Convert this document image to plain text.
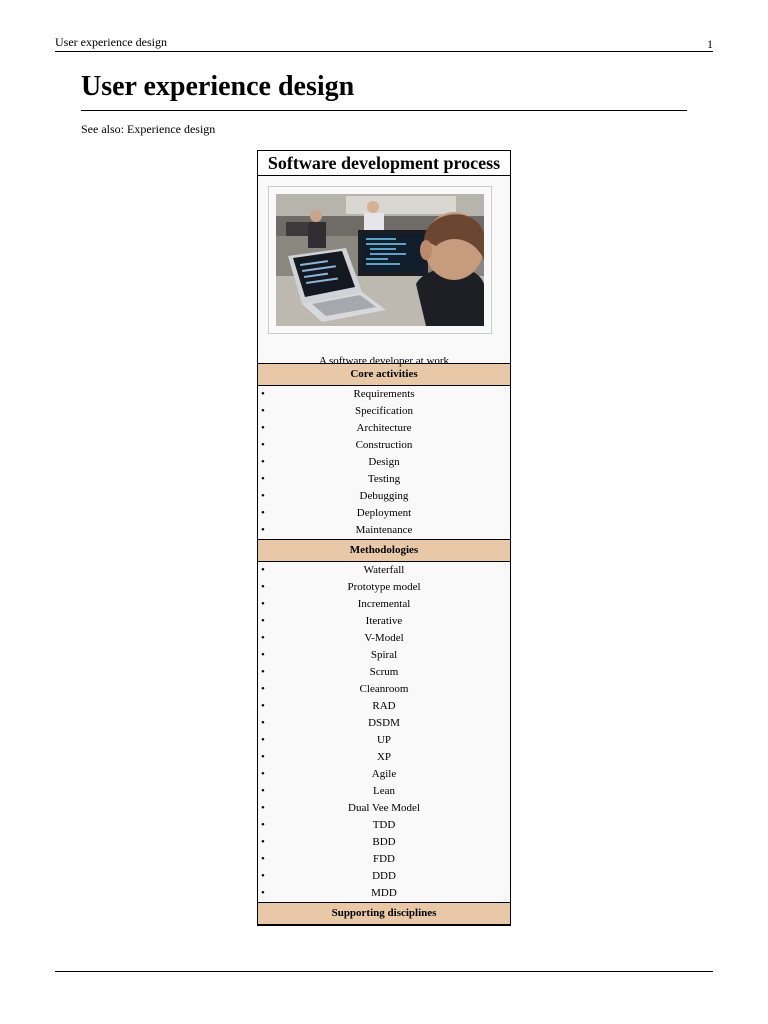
User experience design	1
User experience design
See also: Experience design
Software development process
A software developer at work
Core activities
•	Requirements
•	Specification
•	Architecture
•	Construction
•	Design
•	Testing
•	Debugging
•	Deployment
•	Maintenance
Methodologies
•	Waterfall
•	Prototype model
•	Incremental
•	Iterative
•	V-Model
•	Spiral
•	Scrum
•	Cleanroom
•	RAD
•	DSDM
•	UP
•	XP
•	Agile
•	Lean
•	Dual Vee Model
•	TDD
•	BDD
•	FDD
•	DDD
•	MDD
Supporting disciplines
